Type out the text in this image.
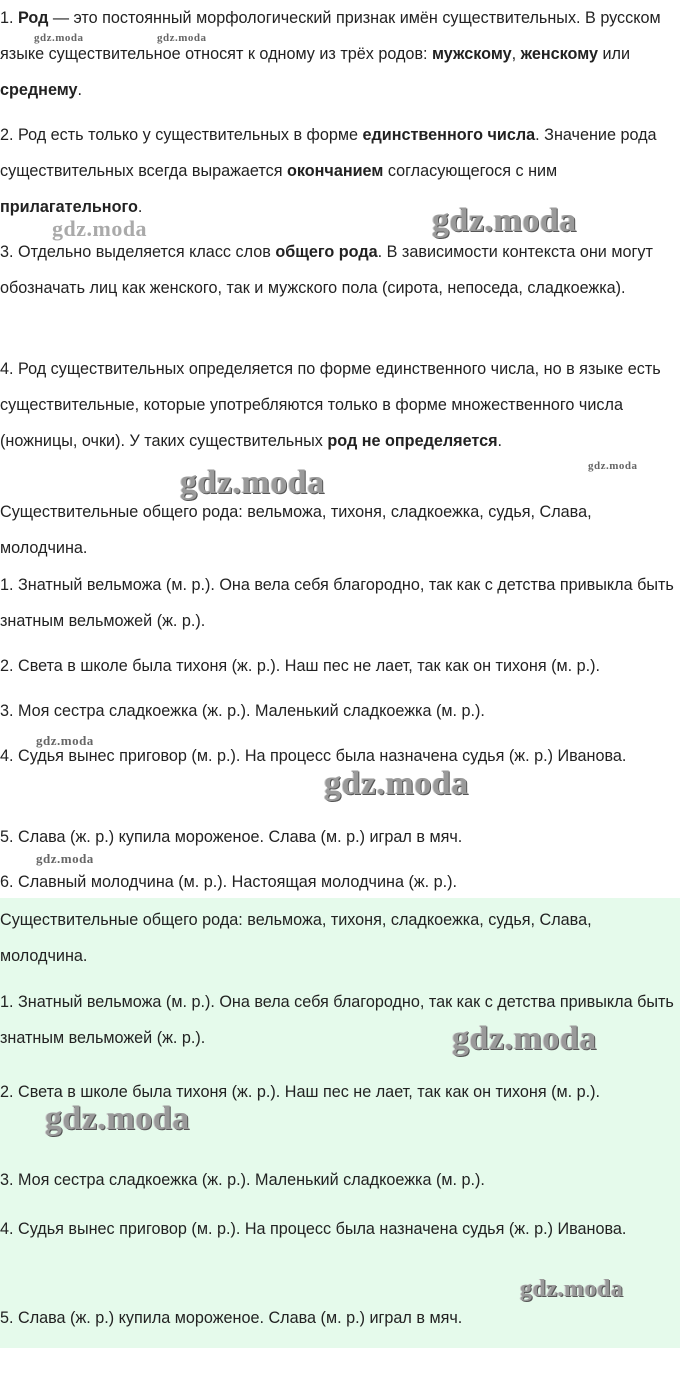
1. Род — это постоянный морфологический признак имён существительных. В русском языке существительное относят к одному из трёх родов: мужскому, женскому или среднему.

2. Род есть только у существительных в форме единственного числа. Значение рода существительных всегда выражается окончанием согласующегося с ним прилагательного.

3. Отдельно выделяется класс слов общего рода. В зависимости контекста они могут обозначать лиц как женского, так и мужского пола (сирота, непоседа, сладкоежка).

4. Род существительных определяется по форме единственного числа, но в языке есть существительные, которые употребляются только в форме множественного числа (ножницы, очки). У таких существительных род не определяется.

Существительные общего рода: вельможа, тихоня, сладкоежка, судья, Слава, молодчина.

1. Знатный вельможа (м. р.). Она вела себя благородно, так как с детства привыкла быть знатным вельможей (ж. р.).

2. Света в школе была тихоня (ж. р.). Наш пес не лает, так как он тихоня (м. р.).

3. Моя сестра сладкоежка (ж. р.). Маленький сладкоежка (м. р.).

4. Судья вынес приговор (м. р.). На процесс была назначена судья (ж. р.) Иванова.

5. Слава (ж. р.) купила мороженое. Слава (м. р.) играл в мяч.

6. Славный молодчина (м. р.). Настоящая молодчина (ж. р.).

Существительные общего рода: вельможа, тихоня, сладкоежка, судья, Слава, молодчина.

1. Знатный вельможа (м. р.). Она вела себя благородно, так как с детства привыкла быть знатным вельможей (ж. р.).

2. Света в школе была тихоня (ж. р.). Наш пес не лает, так как он тихоня (м. р.).

3. Моя сестра сладкоежка (ж. р.). Маленький сладкоежка (м. р.).

4. Судья вынес приговор (м. р.). На процесс была назначена судья (ж. р.) Иванова.

5. Слава (ж. р.) купила мороженое. Слава (м. р.) играл в мяч.

gdz.moda	gdz.moda
gdz.moda	gdz.moda
gdz.moda
gdz.moda
gdz.moda
gdz.moda
gdz.moda
gdz.moda
gdz.moda
gdz.moda
